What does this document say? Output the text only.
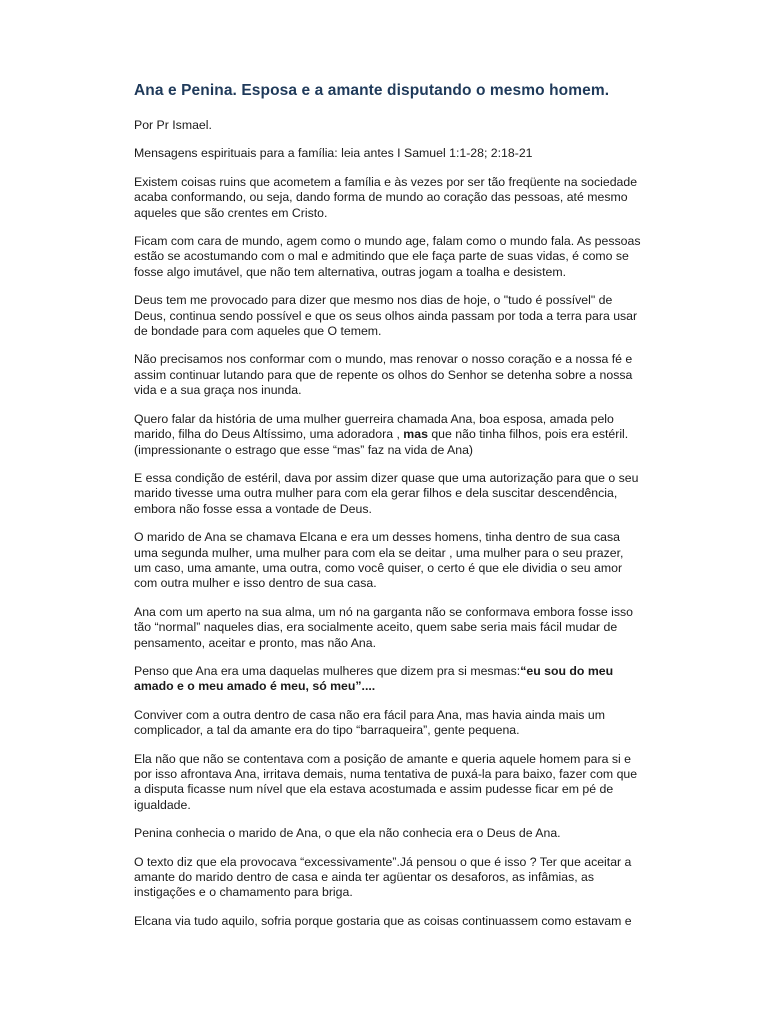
Ana e Penina. Esposa e a amante disputando o mesmo homem.

Por Pr Ismael.

Mensagens espirituais para a família: leia antes I Samuel 1:1-28; 2:18-21

Existem coisas ruins que acometem a família e às vezes por ser tão freqüente na sociedade acaba conformando, ou seja, dando forma de mundo ao coração das pessoas, até mesmo aqueles que são crentes em Cristo.

Ficam com cara de mundo, agem como o mundo age, falam como o mundo fala. As pessoas estão se acostumando com o mal e admitindo que ele faça parte de suas vidas, é como se fosse algo imutável, que não tem alternativa, outras jogam a toalha e desistem.

Deus tem me provocado para dizer que mesmo nos dias de hoje, o "tudo é possível" de Deus, continua sendo possível e que os seus olhos ainda passam por toda a terra para usar de bondade para com aqueles que O temem.

Não precisamos nos conformar com o mundo, mas renovar o nosso coração e a nossa fé e assim continuar lutando para que de repente os olhos do Senhor se detenha sobre a nossa vida e a sua graça nos inunda.

Quero falar da história de uma mulher guerreira chamada Ana, boa esposa, amada pelo marido, filha do Deus Altíssimo, uma adoradora , mas que não tinha filhos, pois era estéril. (impressionante o estrago que esse “mas” faz na vida de Ana)

E essa condição de estéril, dava por assim dizer quase que uma autorização para que o seu marido tivesse uma outra mulher para com ela gerar filhos e dela suscitar descendência, embora não fosse essa a vontade de Deus.

O marido de Ana se chamava Elcana e era um desses homens, tinha dentro de sua casa uma segunda mulher, uma mulher para com ela se deitar , uma mulher para o seu prazer, um caso, uma amante, uma outra, como você quiser, o certo é que ele dividia o seu amor com outra mulher e isso dentro de sua casa.

Ana com um aperto na sua alma, um nó na garganta não se conformava embora fosse isso tão “normal” naqueles dias, era socialmente aceito, quem sabe seria mais fácil mudar de pensamento, aceitar e pronto, mas não Ana.

Penso que Ana era uma daquelas mulheres que dizem pra si mesmas:“eu sou do meu amado e o meu amado é meu, só meu”....

Conviver com a outra dentro de casa não era fácil para Ana, mas havia ainda mais um complicador, a tal da amante era do tipo “barraqueira”, gente pequena.

Ela não que não se contentava com a posição de amante e queria aquele homem para si e por isso afrontava Ana, irritava demais, numa tentativa de puxá-la para baixo, fazer com que a disputa ficasse num nível que ela estava acostumada e assim pudesse ficar em pé de igualdade.

Penina conhecia o marido de Ana, o que ela não conhecia era o Deus de Ana.

O texto diz que ela provocava “excessivamente”.Já pensou o que é isso ? Ter que aceitar a amante do marido dentro de casa e ainda ter agüentar os desaforos, as infâmias, as instigações e o chamamento para briga.

Elcana via tudo aquilo, sofria porque gostaria que as coisas continuassem como estavam e
